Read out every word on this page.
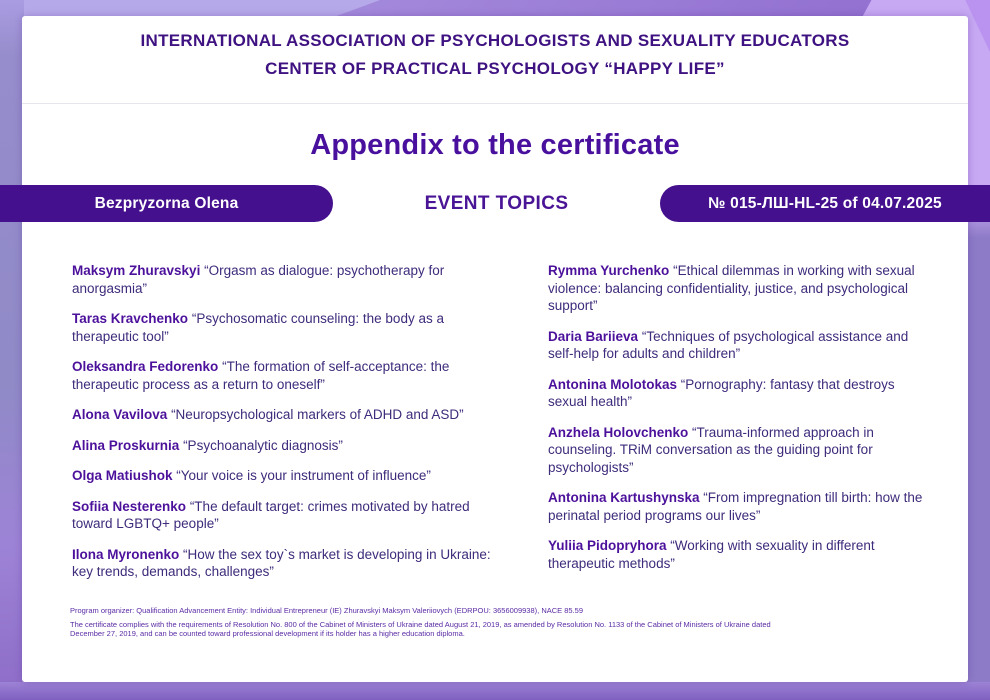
INTERNATIONAL ASSOCIATION OF PSYCHOLOGISTS AND SEXUALITY EDUCATORS
CENTER OF PRACTICAL PSYCHOLOGY “HAPPY LIFE”
Appendix to the certificate

Maksym Zhuravskyi “Orgasm as dialogue: psychotherapy for anorgasmia”

Taras Kravchenko “Psychosomatic counseling: the body as a therapeutic tool”

Oleksandra Fedorenko “The formation of self-acceptance: the therapeutic process as a return to oneself”

Alona Vavilova “Neuropsychological markers of ADHD and ASD”

Alina Proskurnia “Psychoanalytic diagnosis”

Olga Matiushok “Your voice is your instrument of influence”

Sofiia Nesterenko “The default target: crimes motivated by hatred toward LGBTQ+ people”

Ilona Myronenko “How the sex toy`s market is developing in Ukraine: key trends, demands, challenges”

Rymma Yurchenko “Ethical dilemmas in working with sexual violence: balancing confidentiality, justice, and psychological support”

Daria Bariieva “Techniques of psychological assistance and self-help for adults and children”

Antonina Molotokas “Pornography: fantasy that destroys sexual health”

Anzhela Holovchenko “Trauma-informed approach in counseling. TRiM conversation as the guiding point for psychologists”

Antonina Kartushynska “From impregnation till birth: how the perinatal period programs our lives”

Yuliia Pidopryhora “Working with sexuality in different therapeutic methods”

Program organizer: Qualification Advancement Entity: Individual Entrepreneur (IE) Zhuravskyi Maksym Valeriiovych (EDRPOU: 3656009938), NACE 85.59
The certificate complies with the requirements of Resolution No. 800 of the Cabinet of Ministers of Ukraine dated August 21, 2019, as amended by Resolution No. 1133 of the Cabinet of Ministers of Ukraine dated December 27, 2019, and can be counted toward professional development if its holder has a higher education diploma.
Bezpryzorna Olena	EVENT TOPICS	№ 015-ЛШ-HL-25 of 04.07.2025
